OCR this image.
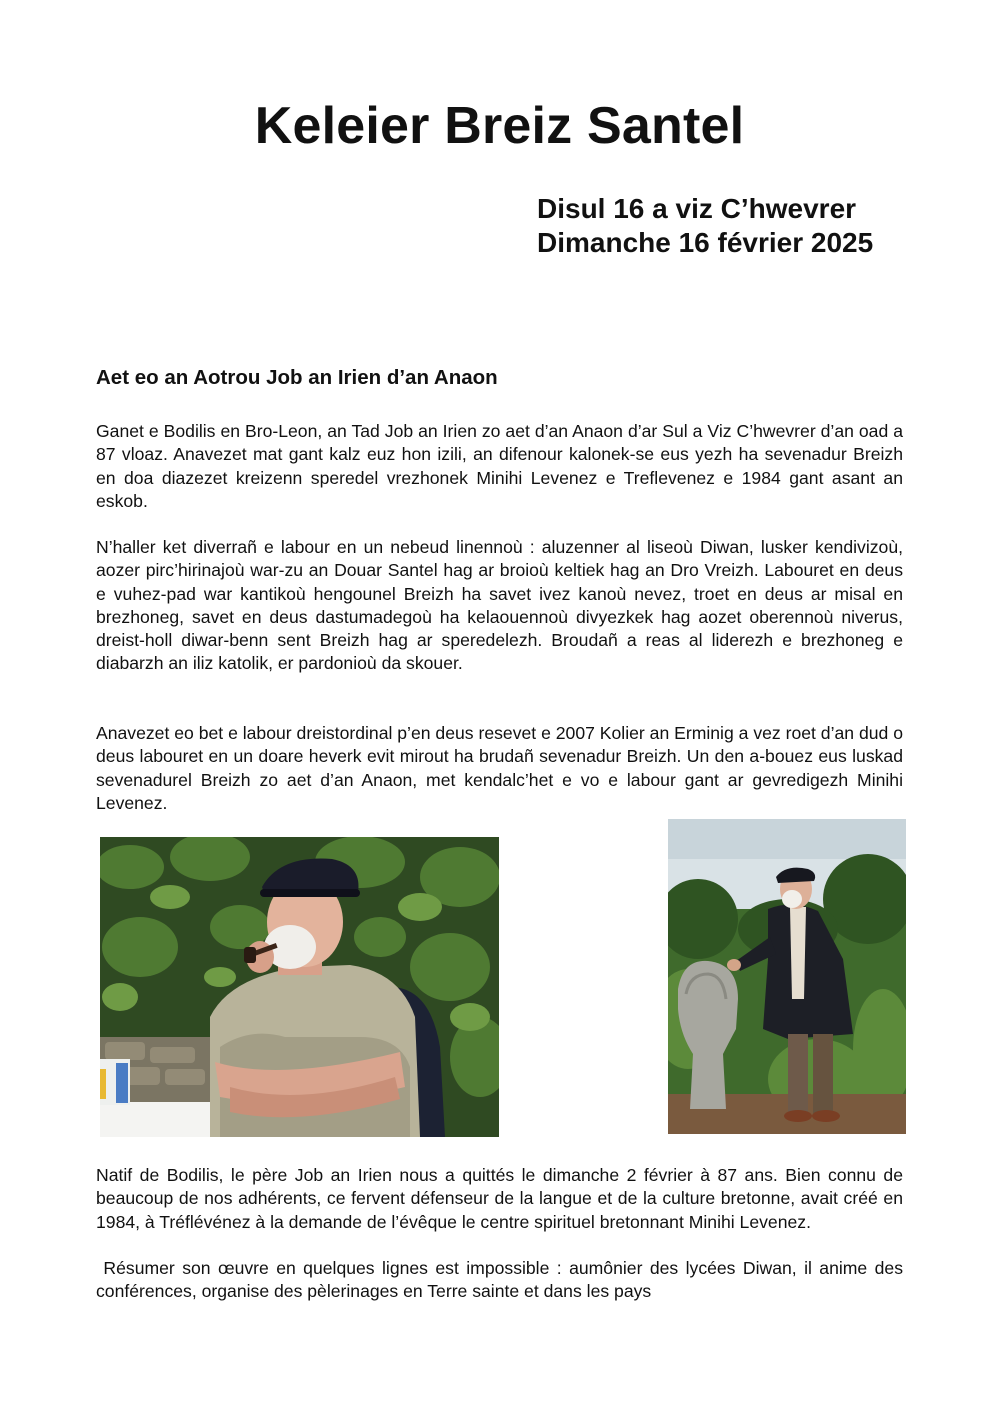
Keleier Breiz Santel
Disul 16 a viz C’hwevrer
Dimanche 16 février 2025
Aet eo an Aotrou Job an Irien d’an Anaon

Ganet e Bodilis en Bro-Leon, an Tad Job an Irien zo aet d’an Anaon d’ar Sul a Viz C’hwevrer d’an oad a 87 vloaz. Anavezet mat gant kalz euz hon izili, an difenour kalonek-se eus yezh ha sevenadur Breizh en doa diazezet kreizenn speredel vrezhonek Minihi Levenez e Treflevenez e 1984 gant asant an eskob.

N’haller ket diverrañ e labour en un nebeud linennoù : aluzenner al liseoù Diwan, lusker kendivizoù, aozer pirc’hirinajoù war-zu an Douar Santel hag ar broioù keltiek hag an Dro Vreizh. Labouret en deus e vuhez-pad war kantikoù hengounel Breizh ha savet ivez kanoù nevez, troet en deus ar misal en brezhoneg, savet en deus dastumadegoù ha kelaouennoù divyezkek hag aozet oberennoù niverus, dreist-holl diwar-benn sent Breizh hag ar speredelezh. Broudañ a reas al liderezh e brezhoneg e diabarzh an iliz katolik, er pardonioù da skouer.

Anavezet eo bet e labour dreistordinal p’en deus resevet e 2007 Kolier an Erminig a vez roet d’an dud o deus labouret en un doare heverk evit mirout ha brudañ sevenadur Breizh. Un den a-bouez eus luskad sevenadurel Breizh zo aet d’an Anaon, met kendalc’het e vo e labour gant ar gevredigezh Minihi Levenez.

Natif de Bodilis, le père Job an Irien nous a quittés le dimanche 2 février à 87 ans. Bien connu de beaucoup de nos adhérents, ce fervent défenseur de la langue et de la culture bretonne, avait créé en 1984, à Tréflévénez à la demande de l’évêque le centre spirituel bretonnant Minihi Levenez.

Résumer son œuvre en quelques lignes est impossible : aumônier des lycées Diwan, il anime des conférences, organise des pèlerinages en Terre sainte et dans les pays
